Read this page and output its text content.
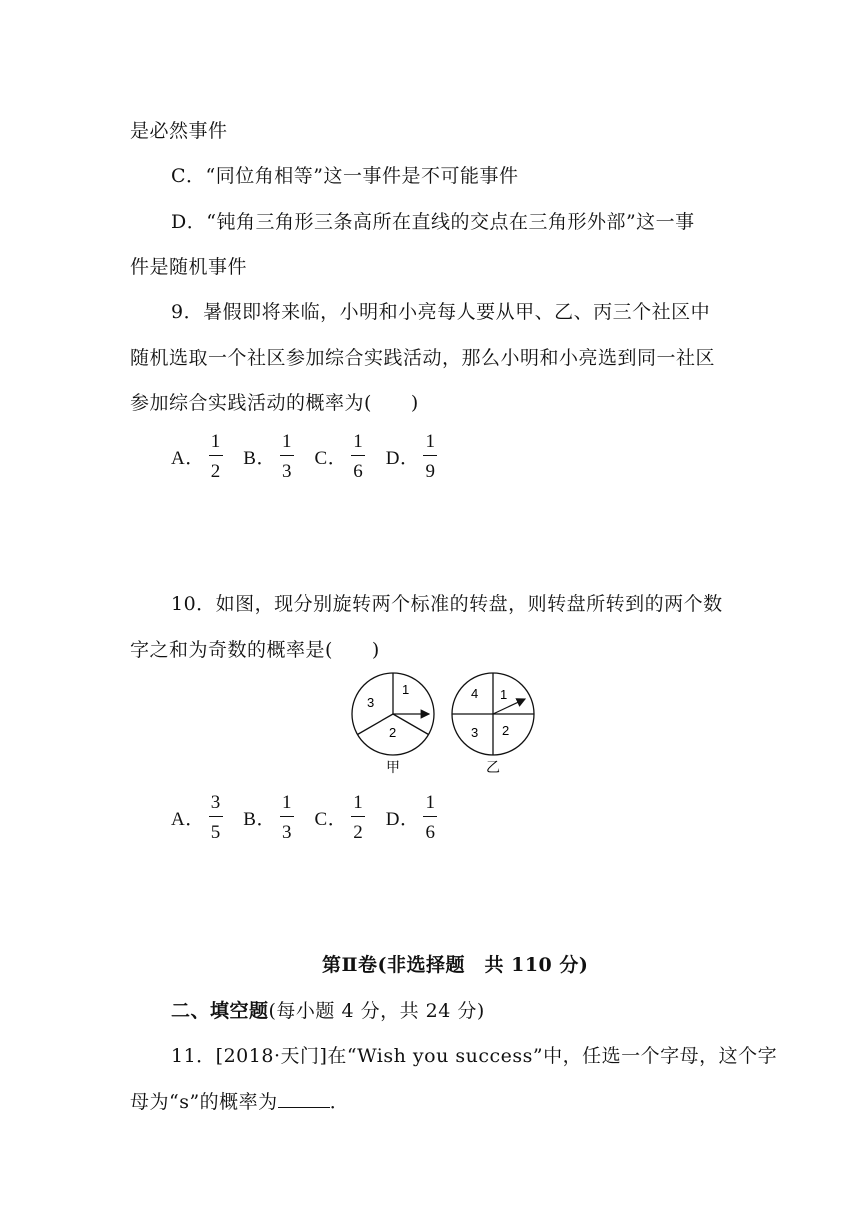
是必然事件
C．“同位角相等”这一事件是不可能事件
D．“钝角三角形三条高所在直线的交点在三角形外部”这一事
件是随机事件
9．暑假即将来临，小明和小亮每人要从甲、乙、丙三个社区中
随机选取一个社区参加综合实践活动，那么小明和小亮选到同一社区
参加综合实践活动的概率为(　　)
A． $\frac{1}{2}$ B． $\frac{1}{3}$ C． $\frac{1}{6}$ D． $\frac{1}{9}$
10．如图，现分别旋转两个标准的转盘，则转盘所转到的两个数
字之和为奇数的概率是(　　)
1
2
3
甲
1
2
3
4
乙
A． $\frac{3}{5}$ B． $\frac{1}{3}$ C． $\frac{1}{2}$ D． $\frac{1}{6}$
第Ⅱ卷(非选择题　共 110 分)
二、填空题(每小题 4 分，共 24 分)
11．[2018·天门]在“Wish you success”中，任选一个字母，这个字
母为“s”的概率为	．
